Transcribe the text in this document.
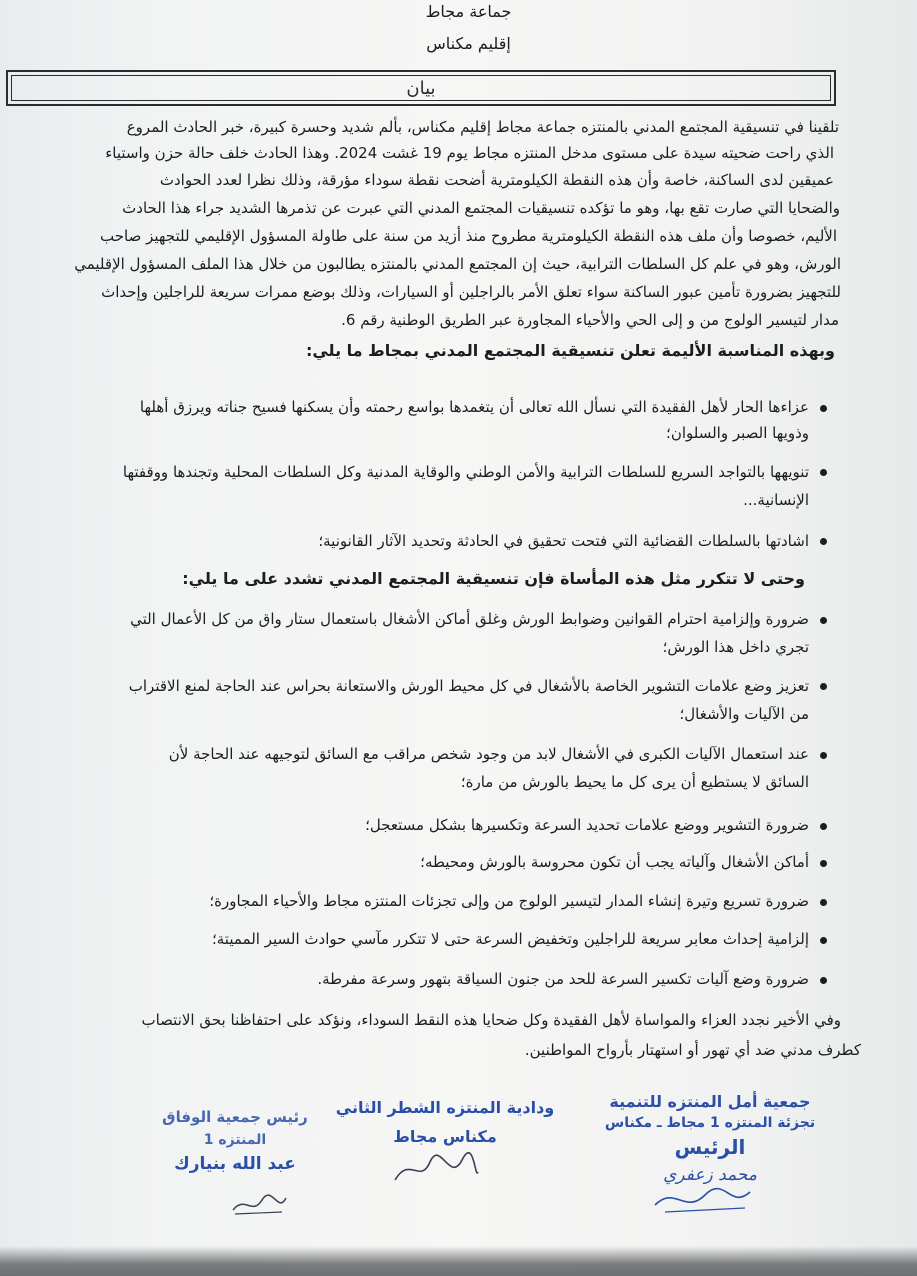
جماعة مجاط
إقليم مكناس
بيان
تلقينا في تنسيقية المجتمع المدني بالمنتزه جماعة مجاط إقليم مكناس، بألم شديد وحسرة كبيرة، خبر الحادث المروع
الذي راحت ضحيته سيدة على مستوى مدخل المنتزه مجاط يوم 19 غشت 2024. وهذا الحادث خلف حالة حزن واستياء
عميقين لدى الساكنة، خاصة وأن هذه النقطة الكيلومترية أضحت نقطة سوداء مؤرقة، وذلك نظرا لعدد الحوادث
والضحايا التي صارت تقع بها، وهو ما تؤكده تنسيقيات المجتمع المدني التي عبرت عن تذمرها الشديد جراء هذا الحادث
الأليم، خصوصا وأن ملف هذه النقطة الكيلومترية مطروح منذ أزيد من سنة على طاولة المسؤول الإقليمي للتجهيز صاحب
الورش، وهو في علم كل السلطات الترابية، حيث إن المجتمع المدني بالمنتزه يطالبون من خلال هذا الملف المسؤول الإقليمي
للتجهيز بضرورة تأمين عبور الساكنة سواء تعلق الأمر بالراجلين أو السيارات، وذلك بوضع ممرات سريعة للراجلين وإحداث
مدار لتيسير الولوج من و إلى الحي والأحياء المجاورة عبر الطريق الوطنية رقم 6.
وبهذه المناسبة الأليمة تعلن تنسيقية المجتمع المدني بمجاط ما يلي:
عزاءها الحار لأهل الفقيدة التي نسأل الله تعالى أن يتغمدها بواسع رحمته وأن يسكنها فسيح جناته ويرزق أهلها
وذويها الصبر والسلوان؛
تنويهها بالتواجد السريع للسلطات الترابية والأمن الوطني والوقاية المدنية وكل السلطات المحلية وتجندها ووقفتها
الإنسانية...
اشادتها بالسلطات القضائية التي فتحت تحقيق في الحادثة وتحديد الآثار القانونية؛
وحتى لا تتكرر مثل هذه المأساة فإن تنسيقية المجتمع المدني تشدد على ما يلي:
ضرورة وإلزامية احترام القوانين وضوابط الورش وغلق أماكن الأشغال باستعمال ستار واق من كل الأعمال التي
تجري داخل هذا الورش؛
تعزيز وضع علامات التشوير الخاصة بالأشغال في كل محيط الورش والاستعانة بحراس عند الحاجة لمنع الاقتراب
من الآليات والأشغال؛
عند استعمال الآليات الكبرى في الأشغال لابد من وجود شخص مراقب مع السائق لتوجيهه عند الحاجة لأن
السائق لا يستطيع أن يرى كل ما يحيط بالورش من مارة؛
ضرورة التشوير ووضع علامات تحديد السرعة وتكسيرها بشكل مستعجل؛
أماكن الأشغال وآلياته يجب أن تكون محروسة بالورش ومحيطه؛
ضرورة تسريع وتيرة إنشاء المدار لتيسير الولوج من وإلى تجزئات المنتزه مجاط والأحياء المجاورة؛
إلزامية إحداث معابر سريعة للراجلين وتخفيض السرعة حتى لا تتكرر مآسي حوادث السير المميتة؛
ضرورة وضع آليات تكسير السرعة للحد من جنون السياقة بتهور وسرعة مفرطة.
وفي الأخير نجدد العزاء والمواساة لأهل الفقيدة وكل ضحايا هذه النقط السوداء، ونؤكد على احتفاظنا بحق الانتصاب
كطرف مدني ضد أي تهور أو استهتار بأرواح المواطنين.
جمعية أمل المنتزه للتنمية
تجزئة المنتزه 1 مجاط ـ مكناس
الرئيس
محمد زعفري
ودادية المنتزه الشطر الثاني
مكناس مجاط
رئيس جمعية الوفاق
المنتزه 1
عبد الله بنيارك
